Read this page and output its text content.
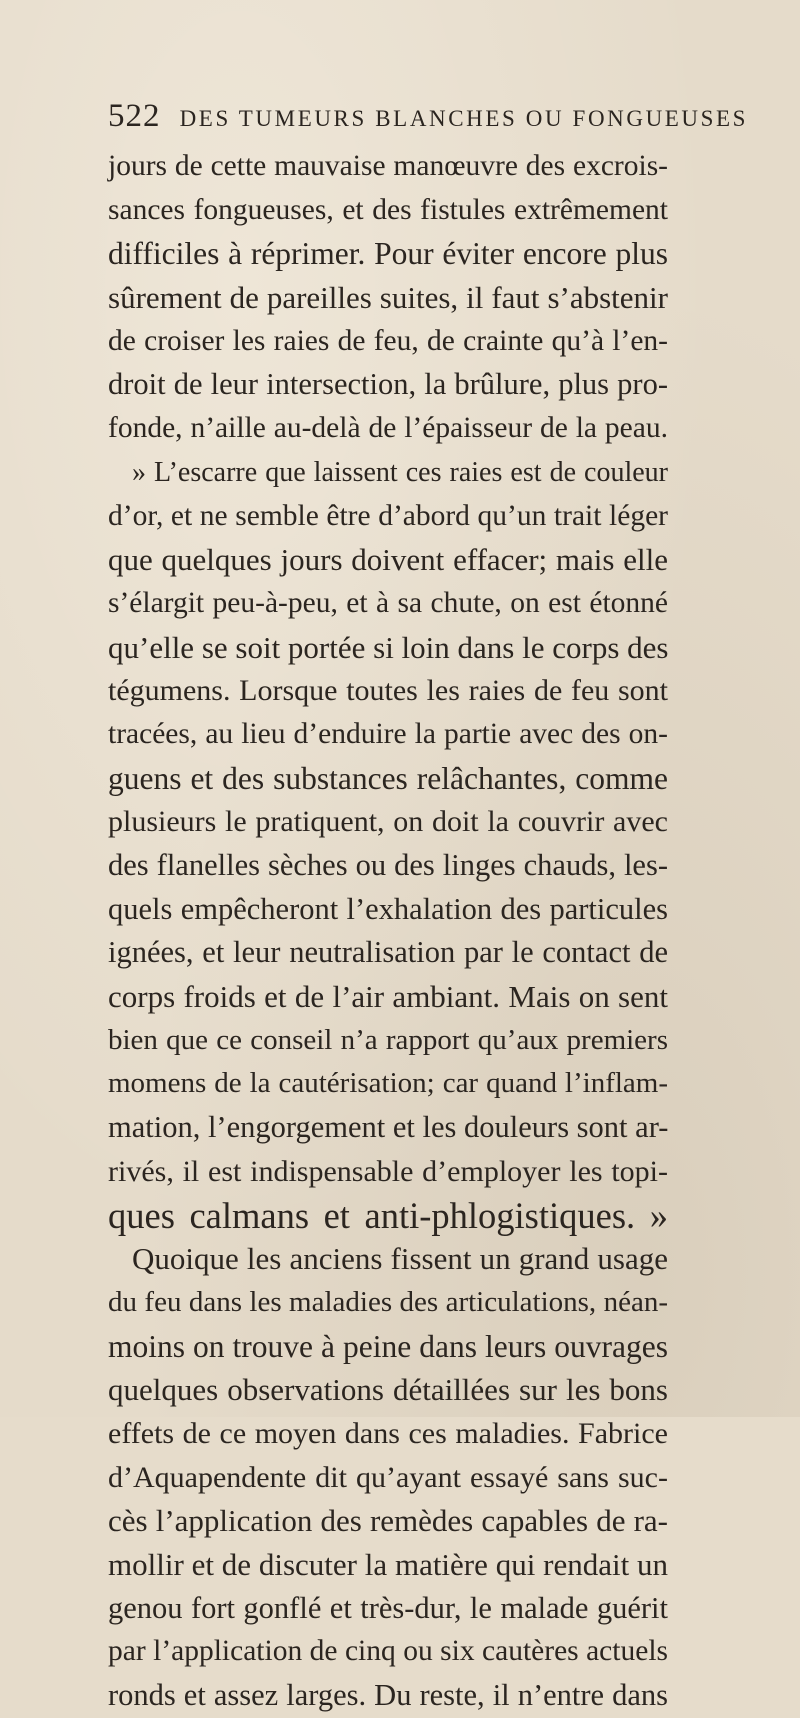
522 DES TUMEURS BLANCHES OU FONGUEUSES
jours de cette mauvaise manœuvre des excrois-
sances fongueuses, et des fistules extrêmement
difficiles à réprimer. Pour éviter encore plus
sûrement de pareilles suites, il faut s’abstenir
de croiser les raies de feu, de crainte qu’à l’en-
droit de leur intersection, la brûlure, plus pro-
fonde, n’aille au-delà de l’épaisseur de la peau.
» L’escarre que laissent ces raies est de couleur
d’or, et ne semble être d’abord qu’un trait léger
que quelques jours doivent effacer; mais elle
s’élargit peu-à-peu, et à sa chute, on est étonné
qu’elle se soit portée si loin dans le corps des
tégumens. Lorsque toutes les raies de feu sont
tracées, au lieu d’enduire la partie avec des on-
guens et des substances relâchantes, comme
plusieurs le pratiquent, on doit la couvrir avec
des flanelles sèches ou des linges chauds, les-
quels empêcheront l’exhalation des particules
ignées, et leur neutralisation par le contact de
corps froids et de l’air ambiant. Mais on sent
bien que ce conseil n’a rapport qu’aux premiers
momens de la cautérisation; car quand l’inflam-
mation, l’engorgement et les douleurs sont ar-
rivés, il est indispensable d’employer les topi-
ques calmans et anti-phlogistiques. »
Quoique les anciens fissent un grand usage
du feu dans les maladies des articulations, néan-
moins on trouve à peine dans leurs ouvrages
quelques observations détaillées sur les bons
effets de ce moyen dans ces maladies. Fabrice
d’Aquapendente dit qu’ayant essayé sans suc-
cès l’application des remèdes capables de ra-
mollir et de discuter la matière qui rendait un
genou fort gonflé et très-dur, le malade guérit
par l’application de cinq ou six cautères actuels
ronds et assez larges. Du reste, il n’entre dans
